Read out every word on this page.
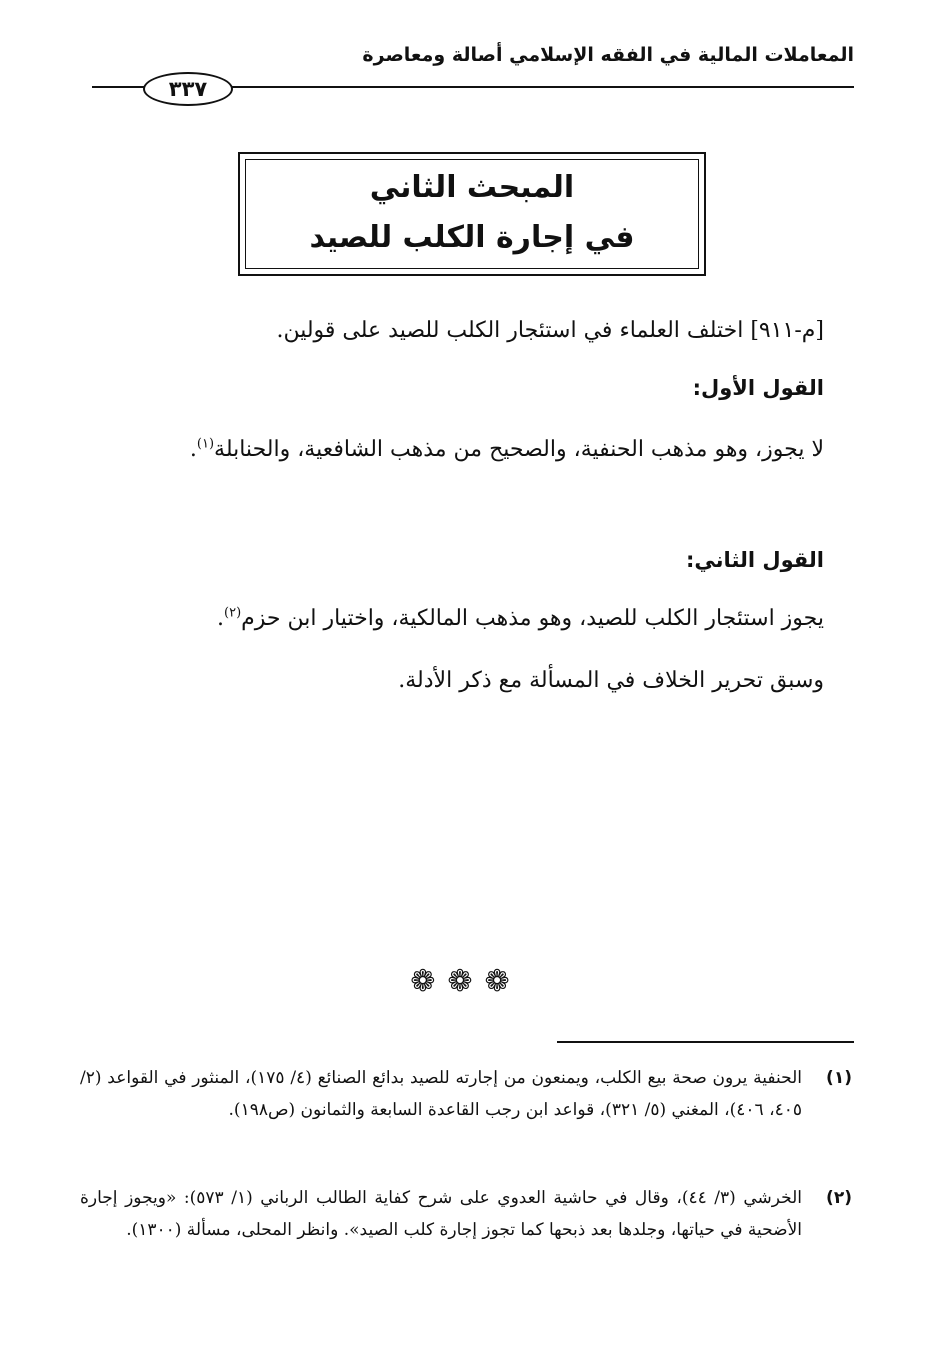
المعاملات المالية في الفقه الإسلامي أصالة ومعاصرة
٣٣٧
المبحث الثاني
في إجارة الكلب للصيد
[م-٩١١] اختلف العلماء في استئجار الكلب للصيد على قولين.
القول الأول:
لا يجوز، وهو مذهب الحنفية، والصحيح من مذهب الشافعية، والحنابلة$^{(١)}$.
القول الثاني:
يجوز استئجار الكلب للصيد، وهو مذهب المالكية، واختيار ابن حزم$^{(٢)}$.
وسبق تحرير الخلاف في المسألة مع ذكر الأدلة.
❁❁❁
(١)
الحنفية يرون صحة بيع الكلب، ويمنعون من إجارته للصيد بدائع الصنائع (٤/ ١٧٥)، المنثور في القواعد (٢/ ٤٠٥، ٤٠٦)، المغني (٥/ ٣٢١)، قواعد ابن رجب القاعدة السابعة والثمانون (ص١٩٨).
(٢)
الخرشي (٣/ ٤٤)، وقال في حاشية العدوي على شرح كفاية الطالب الرباني (١/ ٥٧٣): «ويجوز إجارة الأضحية في حياتها، وجلدها بعد ذبحها كما تجوز إجارة كلب الصيد». وانظر المحلى، مسألة (١٣٠٠).
